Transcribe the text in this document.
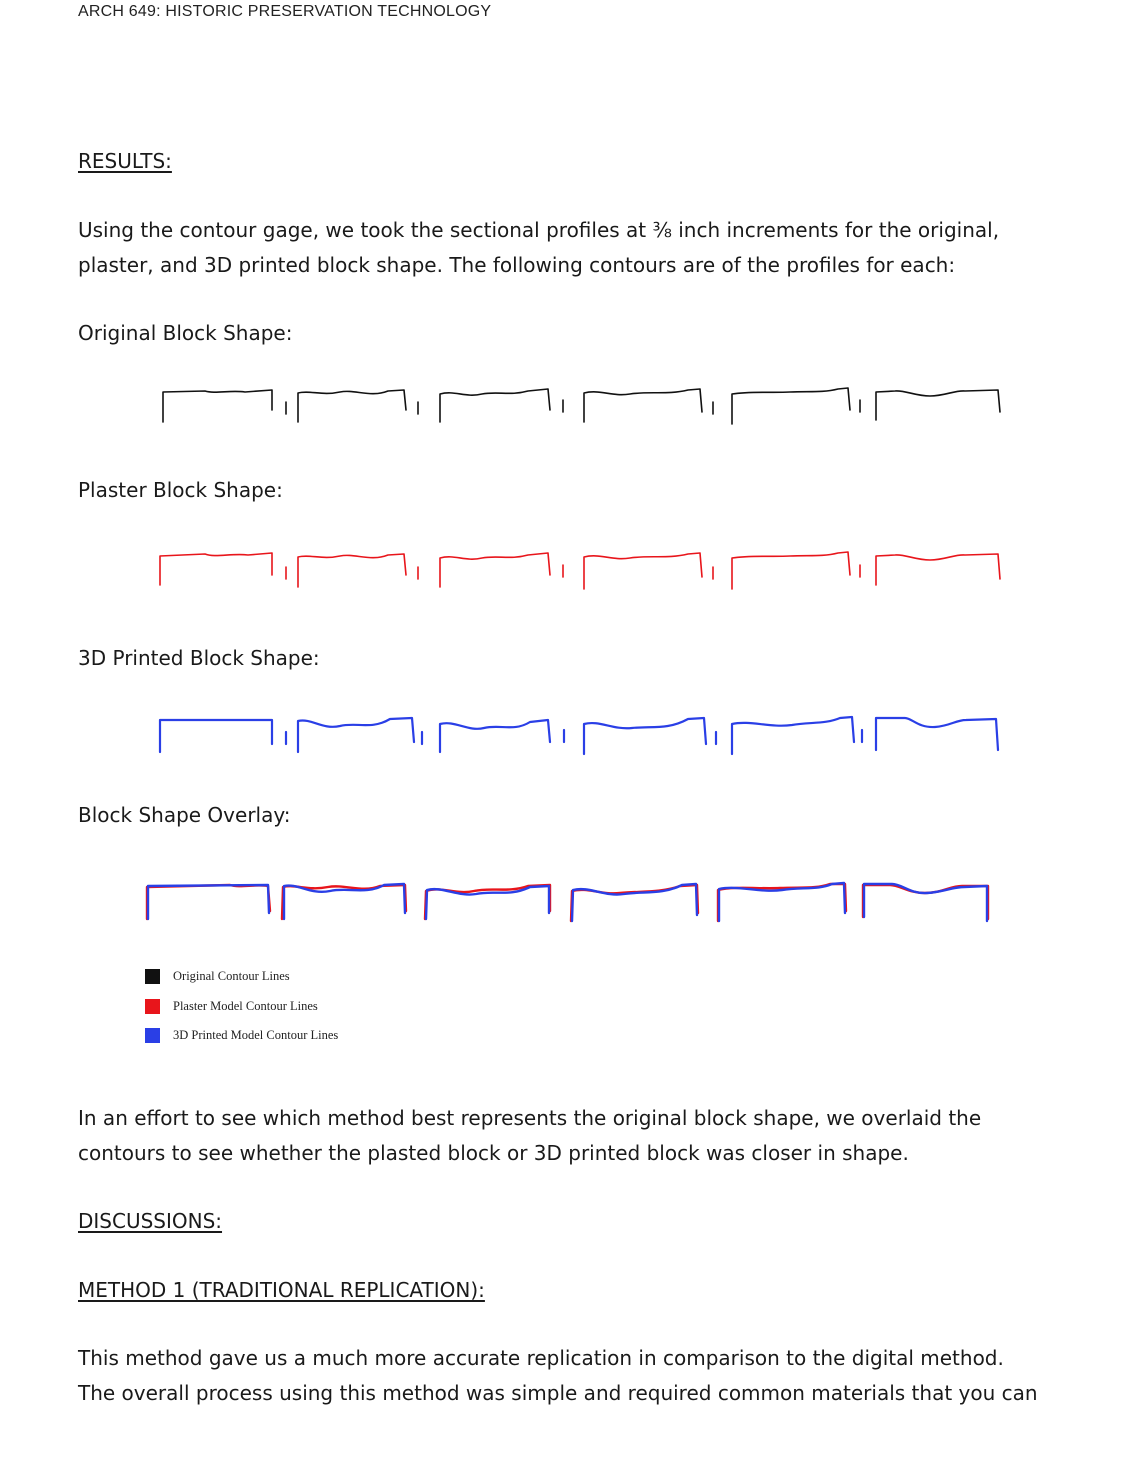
ARCH 649: HISTORIC PRESERVATION TECHNOLOGY
RESULTS:
Using the contour gage, we took the sectional profiles at ⅜ inch increments for the original,
plaster, and 3D printed block shape. The following contours are of the profiles for each:
Original Block Shape:
Plaster Block Shape:
3D Printed Block Shape:
Block Shape Overlay:
Original Contour Lines
Plaster Model Contour Lines
3D Printed Model Contour Lines
In an effort to see which method best represents the original block shape, we overlaid the
contours to see whether the plasted block or 3D printed block was closer in shape.
DISCUSSIONS:
METHOD 1 (TRADITIONAL REPLICATION):
This method gave us a much more accurate replication in comparison to the digital method.
The overall process using this method was simple and required common materials that you can
